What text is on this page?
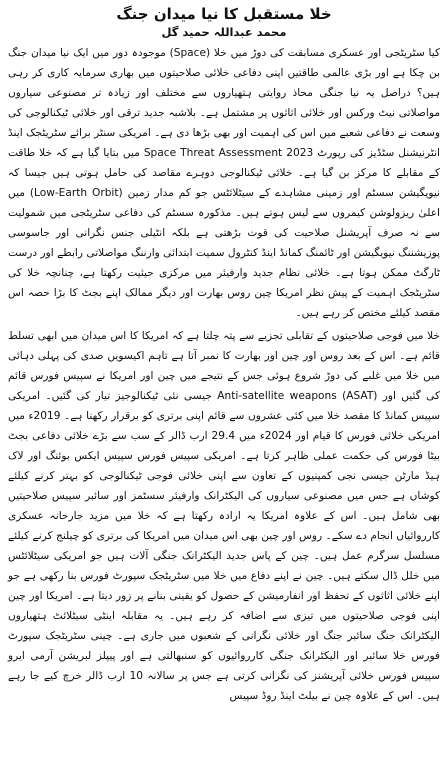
خلا مستقبل کا نیا میدان جنگ
محمد عبداللہ حمید گل

کیا سٹریٹجی اور عسکری مسابقت کی دوڑ میں خلا (Space) موجودہ دور میں ایک نیا میدان جنگ بن چکا ہے اور بڑی عالمی طاقتیں اپنی دفاعی خلائی صلاحیتوں میں بھاری سرمایہ کاری کر رہی ہیں؟ دراصل یہ نیا جنگی محاذ روایتی ہتھیاروں سے مختلف اور زیادہ تر مصنوعی سیاروں مواصلاتی نیٹ ورکس اور خلائی اثاثوں پر مشتمل ہے۔ بلاشبہ جدید ترقی اور خلائی ٹیکنالوجی کی وسعت نے دفاعی شعبے میں اس کی اہمیت اور بھی بڑھا دی ہے۔ امریکی سنٹر برائے سٹریٹجک اینڈ انٹرنیشنل سٹڈیز کی رپورٹ Space Threat Assessment 2023 میں بتایا گیا ہے کہ خلا طاقت کے مقابلے کا مرکز بن گیا ہے۔ خلائی ٹیکنالوجی دوہرے مقاصد کی حامل ہوتی ہیں جیسا کہ نیویگیشن سسٹم اور زمینی مشاہدے کے سیٹلائٹس جو کم مدار زمین (Low-Earth Orbit) میں اعلیٰ ریزولوشن کیمروں سے لیس ہوتے ہیں۔ مذکورہ سسٹم کی دفاعی سٹریٹجی میں شمولیت سے نہ صرف آپریشنل صلاحیت کی قوت بڑھتی ہے بلکہ انٹیلی جنس نگرانی اور جاسوسی پوزیشننگ نیویگیشن اور ٹائمنگ کمانڈ اینڈ کنٹرول سمیت ابتدائی وارننگ مواصلاتی رابطے اور درست ٹارگٹ ممکن ہوتا ہے۔ خلائی نظام جدید وارفیئر میں مرکزی حیثیت رکھتا ہے، چنانچہ خلا کی سٹریٹجک اہمیت کے پیش نظر امریکا چین روس بھارت اور دیگر ممالک اپنے بجٹ کا بڑا حصہ اس مقصد کیلئے مختص کر رہے ہیں۔

خلا میں فوجی صلاحیتوں کے تقابلی تجزیے سے پتہ چلتا ہے کہ امریکا کا اس میدان میں ابھی تسلط قائم ہے۔ اس کے بعد روس اور چین اور بھارت کا نمبر آتا ہے تاہم اکیسویں صدی کی پہلی دہائی میں خلا میں غلبے کی دوڑ شروع ہوئی جس کے نتیجے میں چین اور امریکا نے سپیس فورس قائم کی گئیں اور Anti-satellite weapons (ASAT) جیسی نئی ٹیکنالوجیز تیار کی گئیں۔ امریکی سپیس کمانڈ کا مقصد خلا میں کئی عشروں سے قائم اپنی برتری کو برقرار رکھنا ہے۔ 2019ء میں امریکی خلائی فورس کا قیام اور 2024ء میں 29.4 ارب ڈالر کے سب سے بڑے خلائی دفاعی بجٹ بیٹا فورس کی حکمت عملی ظاہر کرتا ہے۔ امریکی سپیس فورس سپیس ایکس بوئنگ اور لاک ہیڈ مارٹن جیسی نجی کمپنیوں کے تعاون سے اپنی خلائی فوجی ٹیکنالوجی کو بہتر کرنے کیلئے کوشاں ہے جس میں مصنوعی سیاروں کی الیکٹرانک وارفیئر سسٹمز اور سائبر سپیس صلاحیتیں بھی شامل ہیں۔ اس کے علاوہ امریکا یہ ارادہ رکھتا ہے کہ خلا میں مزید جارحانہ عسکری کارروائیاں انجام دے سکے۔ روس اور چین بھی اس میدان میں امریکا کی برتری کو چیلنج کرنے کیلئے مسلسل سرگرم عمل ہیں۔ چین کے پاس جدید الیکٹرانک جنگی آلات ہیں جو امریکی سیٹلائٹس میں خلل ڈال سکتے ہیں۔ چین نے اپنے دفاع میں خلا میں سٹریٹجک سپورٹ فورس بنا رکھی ہے جو اپنے خلائی اثاثوں کے تحفظ اور انفارمیشن کے حصول کو یقینی بنانے پر زور دیتا ہے۔ امریکا اور چین اپنی فوجی صلاحیتوں میں تیزی سے اضافہ کر رہے ہیں۔ یہ مقابلہ اینٹی سیٹلائٹ ہتھیاروں الیکٹرانک جنگ سائبر جنگ اور خلائی نگرانی کے شعبوں میں جاری ہے۔ چینی سٹریٹجک سپورٹ فورس خلا سائبر اور الیکٹرانک جنگی کارروائیوں کو سنبھالتی ہے اور پیپلز لبریشن آرمی ایرو سپیس فورس خلائی آپریشنز کی نگرانی کرتی ہے جس پر سالانہ 10 ارب ڈالر خرچ کیے جا رہے ہیں۔ اس کے علاوہ چین نے بیلٹ اینڈ روڈ سپیس
